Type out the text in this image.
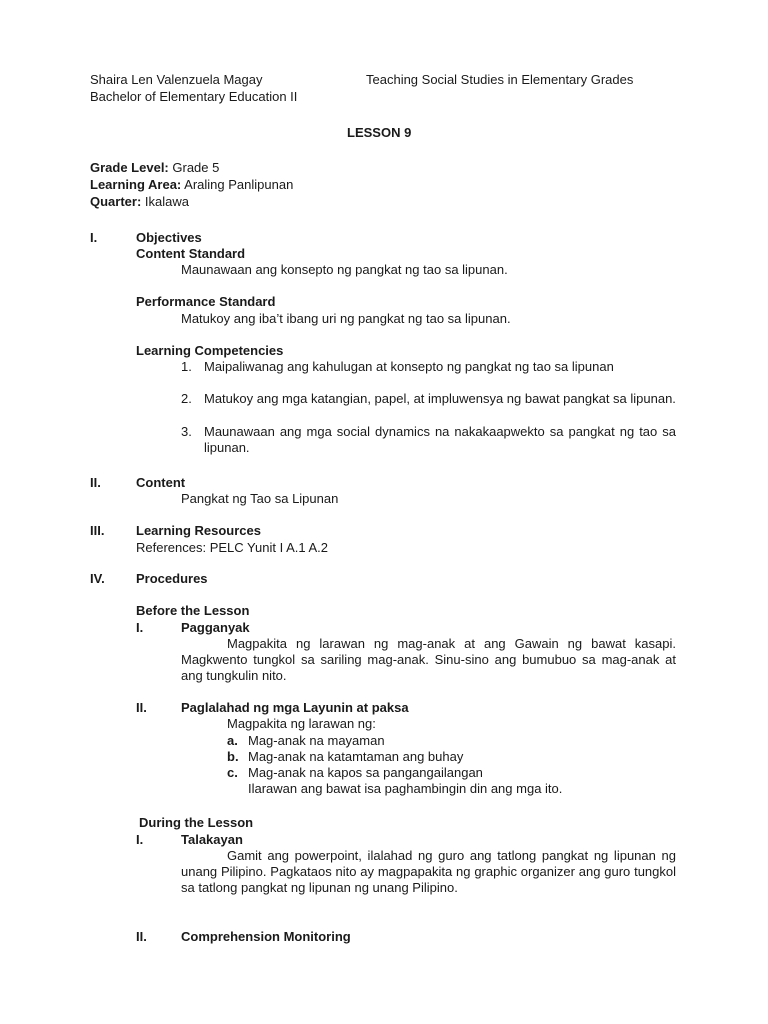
Shaira Len Valenzuela Magay	Teaching Social Studies in Elementary Grades
Bachelor of Elementary Education II
LESSON 9
Grade Level: Grade 5
Learning Area: Araling Panlipunan
Quarter: Ikalawa
I.	Objectives
Content Standard
Maunawaan ang konsepto ng pangkat ng tao sa lipunan.
Performance Standard
Matukoy ang iba’t ibang uri ng pangkat ng tao sa lipunan.
Learning Competencies
1. Maipaliwanag ang kahulugan at konsepto ng pangkat ng tao sa lipunan
2. Matukoy ang mga katangian, papel, at impluwensya ng bawat pangkat sa lipunan.
3. Maunawaan ang mga social dynamics na nakakaapwekto sa pangkat ng tao sa lipunan.
II.	Content
Pangkat ng Tao sa Lipunan
III. Learning Resources
References: PELC Yunit I A.1 A.2
IV. Procedures
Before the Lesson
I.	Pagganyak
Magpakita ng larawan ng mag-anak at ang Gawain ng bawat kasapi. Magkwento tungkol sa sariling mag-anak. Sinu-sino ang bumubuo sa mag-anak at ang tungkulin nito.
II.	Paglalahad ng mga Layunin at paksa
Magpakita ng larawan ng:
a. Mag-anak na mayaman
b. Mag-anak na katamtaman ang buhay
c. Mag-anak na kapos sa pangangailangan
Ilarawan ang bawat isa paghambingin din ang mga ito.
During the Lesson
I.	Talakayan
Gamit ang powerpoint, ilalahad ng guro ang tatlong pangkat ng lipunan ng unang Pilipino. Pagkataos nito ay magpapakita ng graphic organizer ang guro tungkol sa tatlong pangkat ng lipunan ng unang Pilipino.
II.	Comprehension Monitoring
